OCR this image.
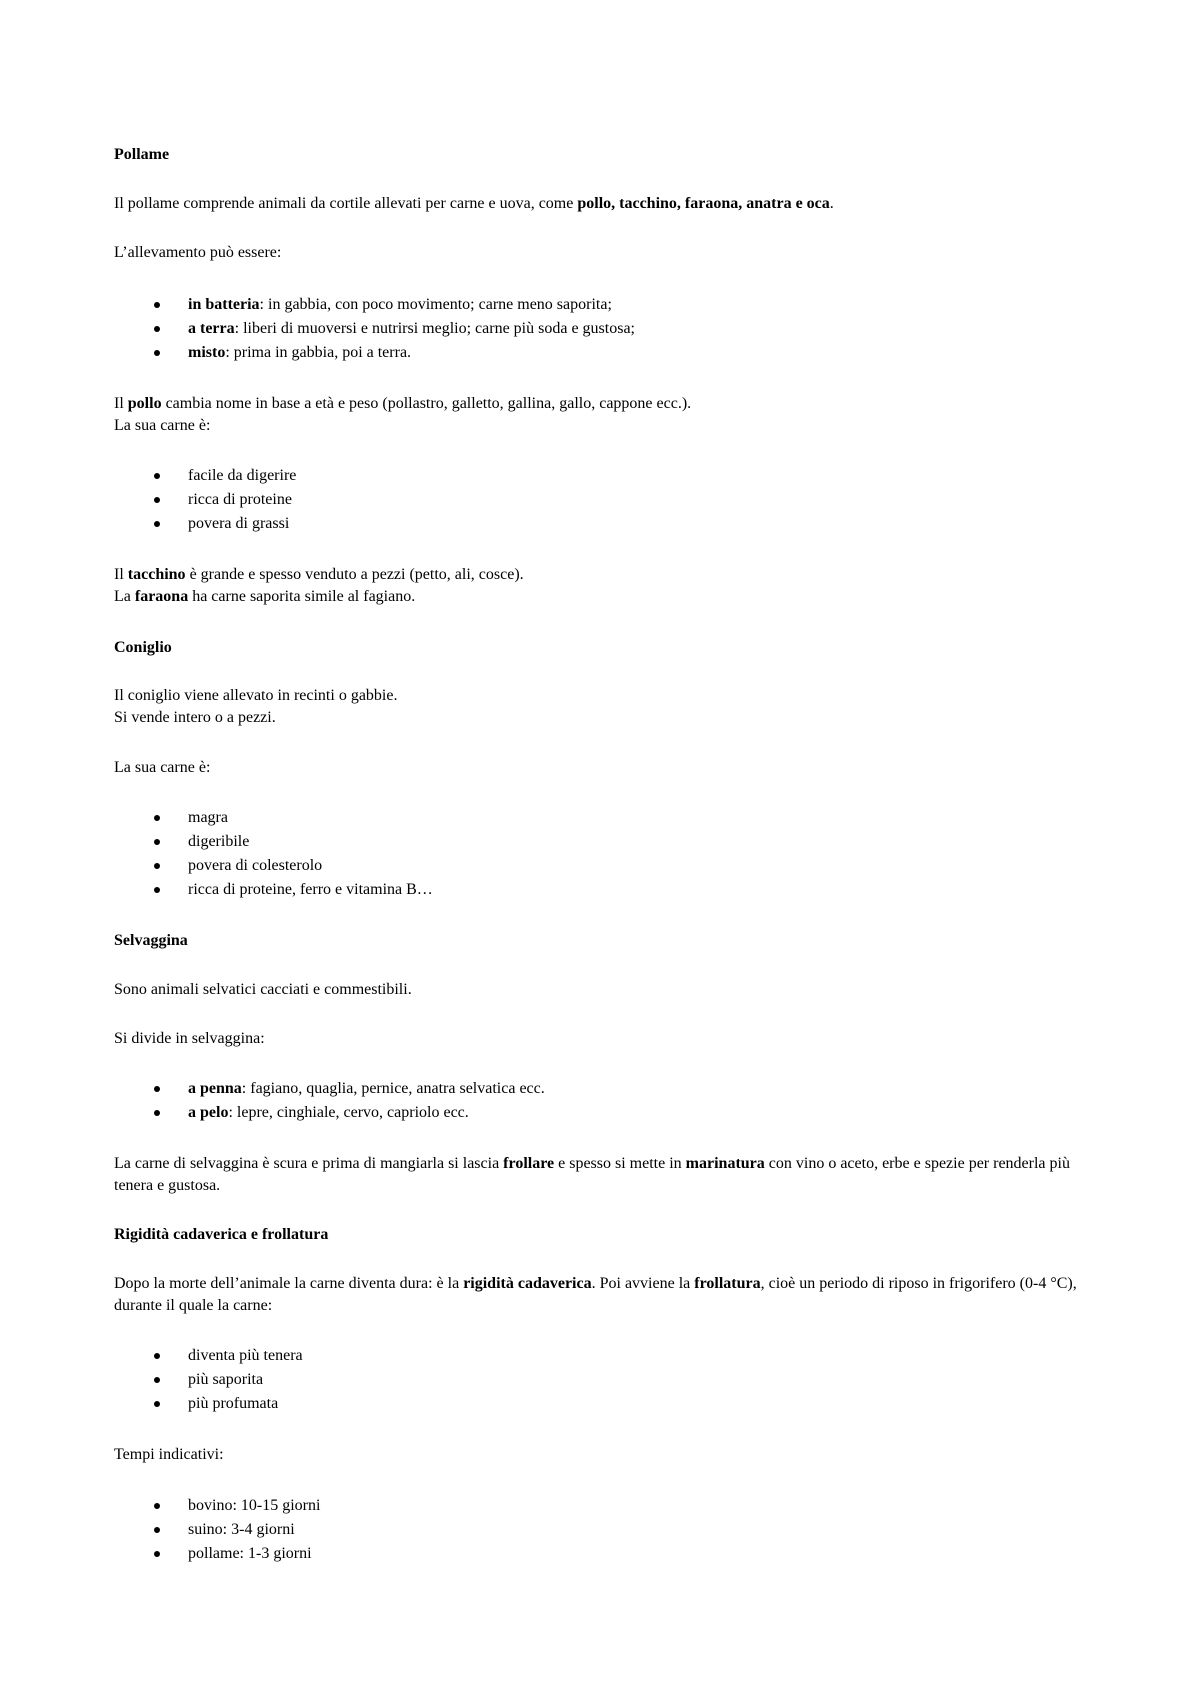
Pollame

Il pollame comprende animali da cortile allevati per carne e uova, come pollo, tacchino, faraona, anatra e oca.

L’allevamento può essere:

in batteria: in gabbia, con poco movimento; carne meno saporita;
a terra: liberi di muoversi e nutrirsi meglio; carne più soda e gustosa;
misto: prima in gabbia, poi a terra.
Il pollo cambia nome in base a età e peso (pollastro, galletto, gallina, gallo, cappone ecc.).
La sua carne è:
facile da digerire
ricca di proteine
povera di grassi
Il tacchino è grande e spesso venduto a pezzi (petto, ali, cosce).
La faraona ha carne saporita simile al fagiano.

Coniglio

Il coniglio viene allevato in recinti o gabbie.
Si vende intero o a pezzi.

La sua carne è:

magra
digeribile
povera di colesterolo
ricca di proteine, ferro e vitamina B…

Selvaggina

Sono animali selvatici cacciati e commestibili.

Si divide in selvaggina:

a penna: fagiano, quaglia, pernice, anatra selvatica ecc.
a pelo: lepre, cinghiale, cervo, capriolo ecc.

La carne di selvaggina è scura e prima di mangiarla si lascia frollare e spesso si mette in marinatura con vino o aceto, erbe e spezie per renderla più tenera e gustosa.

Rigidità cadaverica e frollatura

Dopo la morte dell’animale la carne diventa dura: è la rigidità cadaverica. Poi avviene la frollatura, cioè un periodo di riposo in frigorifero (0-4 °C), durante il quale la carne:

diventa più tenera
più saporita
più profumata

Tempi indicativi:

bovino: 10-15 giorni
suino: 3-4 giorni
pollame: 1-3 giorni
